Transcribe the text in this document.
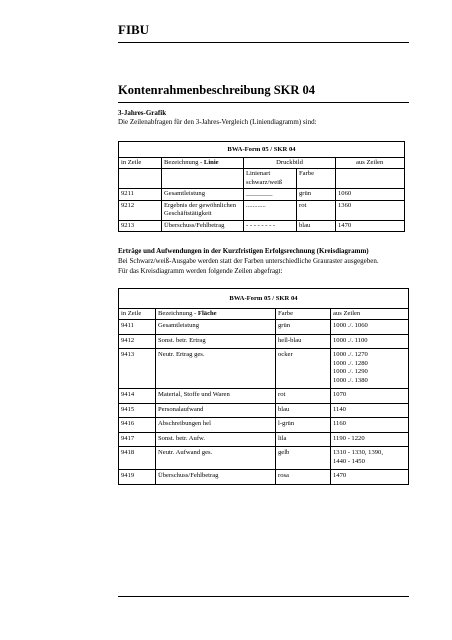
FIBU
Kontenrahmenbeschreibung SKR 04
3-Jahres-Grafik
Die Zeilenabfragen für den 3-Jahres-Vergleich (Liniendiagramm) sind:
BWA-Form 05 / SKR 04				
in Zeile	Bezeichnung - Linie	Druckbild		aus Zeilen
		Linienart schwarz/weiß	Farbe	
9211	Gesamtleistung	________	grün	1060
9212	Ergebnis der gewöhnlichen Geschäftstätigkeit	............	rot	1360
9213	Überschuss/Fehlbetrag	- - - - - - - -	blau	1470
Erträge und Aufwendungen in der Kurzfristigen Erfolgsrechnung (Kreisdiagramm)
Bei Schwarz/weiß-Ausgabe werden statt der Farben unterschiedliche Grauraster ausgegeben.
Für das Kreisdiagramm werden folgende Zeilen abgefragt:
BWA-Form 05 / SKR 04			
in Zeile	Bezeichnung - Fläche	Farbe	aus Zeilen
9411	Gesamtleistung	grün	1000 ./. 1060
9412	Sonst. betr. Ertrag	hell-blau	1000 ./. 1100
9413	Neutr. Ertrag ges.	ocker	1000 ./. 1270
1000 ./. 1280
1000 ./. 1290
1000 ./. 1380
9414	Material, Stoffe und Waren	rot	1070
9415	Personalaufwand	blau	1140
9416	Abschreibungen hel	l-grün	1160
9417	Sonst. betr. Aufw.	lila	1190 - 1220
9418	Neutr. Aufwand ges.	gelb	1310 - 1330, 1390,
1440 - 1450
9419	Überschuss/Fehlbetrag	rosa	1470
